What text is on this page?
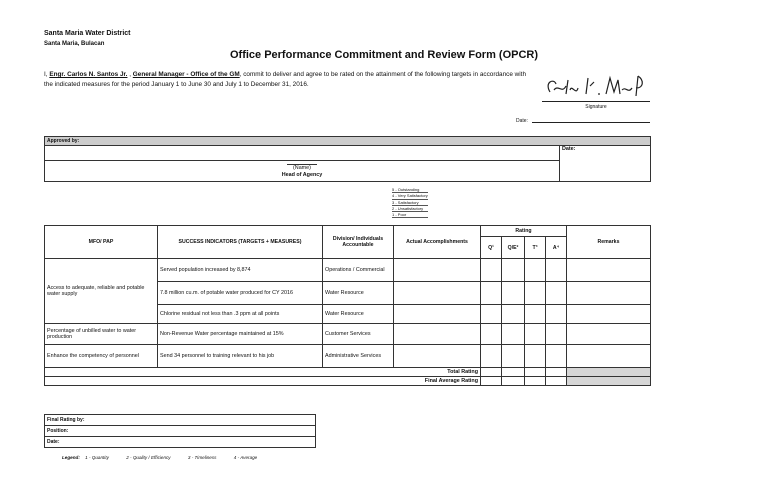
Santa Maria Water District
Santa Maria, Bulacan
Office Performance Commitment and Review Form (OPCR)
I, Engr. Carlos N. Santos Jr. , General Manager - Office of the GM, commit to deliver and agree to be rated on the attainment of the following targets in accordance with the indicated measures for the period January 1 to June 30 and July 1 to December 31, 2016.
Signature
Date:
Approved by:
	Date:
(Name)
Head of Agency
5 - Outstanding
4 - Very Satisfactory
3 - Satisfactory
2 - Unsatisfactory
1 - Poor
MFO/ PAP	SUCCESS INDICATORS (TARGETS + MEASURES)	Division/ Individuals Accountable	Actual Accomplishments	Rating				Remarks
				Q¹	Q/E²	T³	A⁴	
Access to adequate, reliable and potable water supply	Served population increased by 8,874	Operations / Commercial						
	7.8 million cu.m. of potable water produced for CY 2016	Water Resource						
	Chlorine residual not less than .3 ppm at all points	Water Resource						
Percentage of unbilled water to water production	Non-Revenue Water percentage maintained at 15%	Customer Services						
Enhance the competency of personnel	Send 34 personnel to training relevant to his job	Administrative Services						
Total Rating								
Final Average Rating								
Final Rating by:
Position:
Date:
Legend: 1 - Quantity	2 - Quality / Efficiency	3 - Timeliness	4 - Average
